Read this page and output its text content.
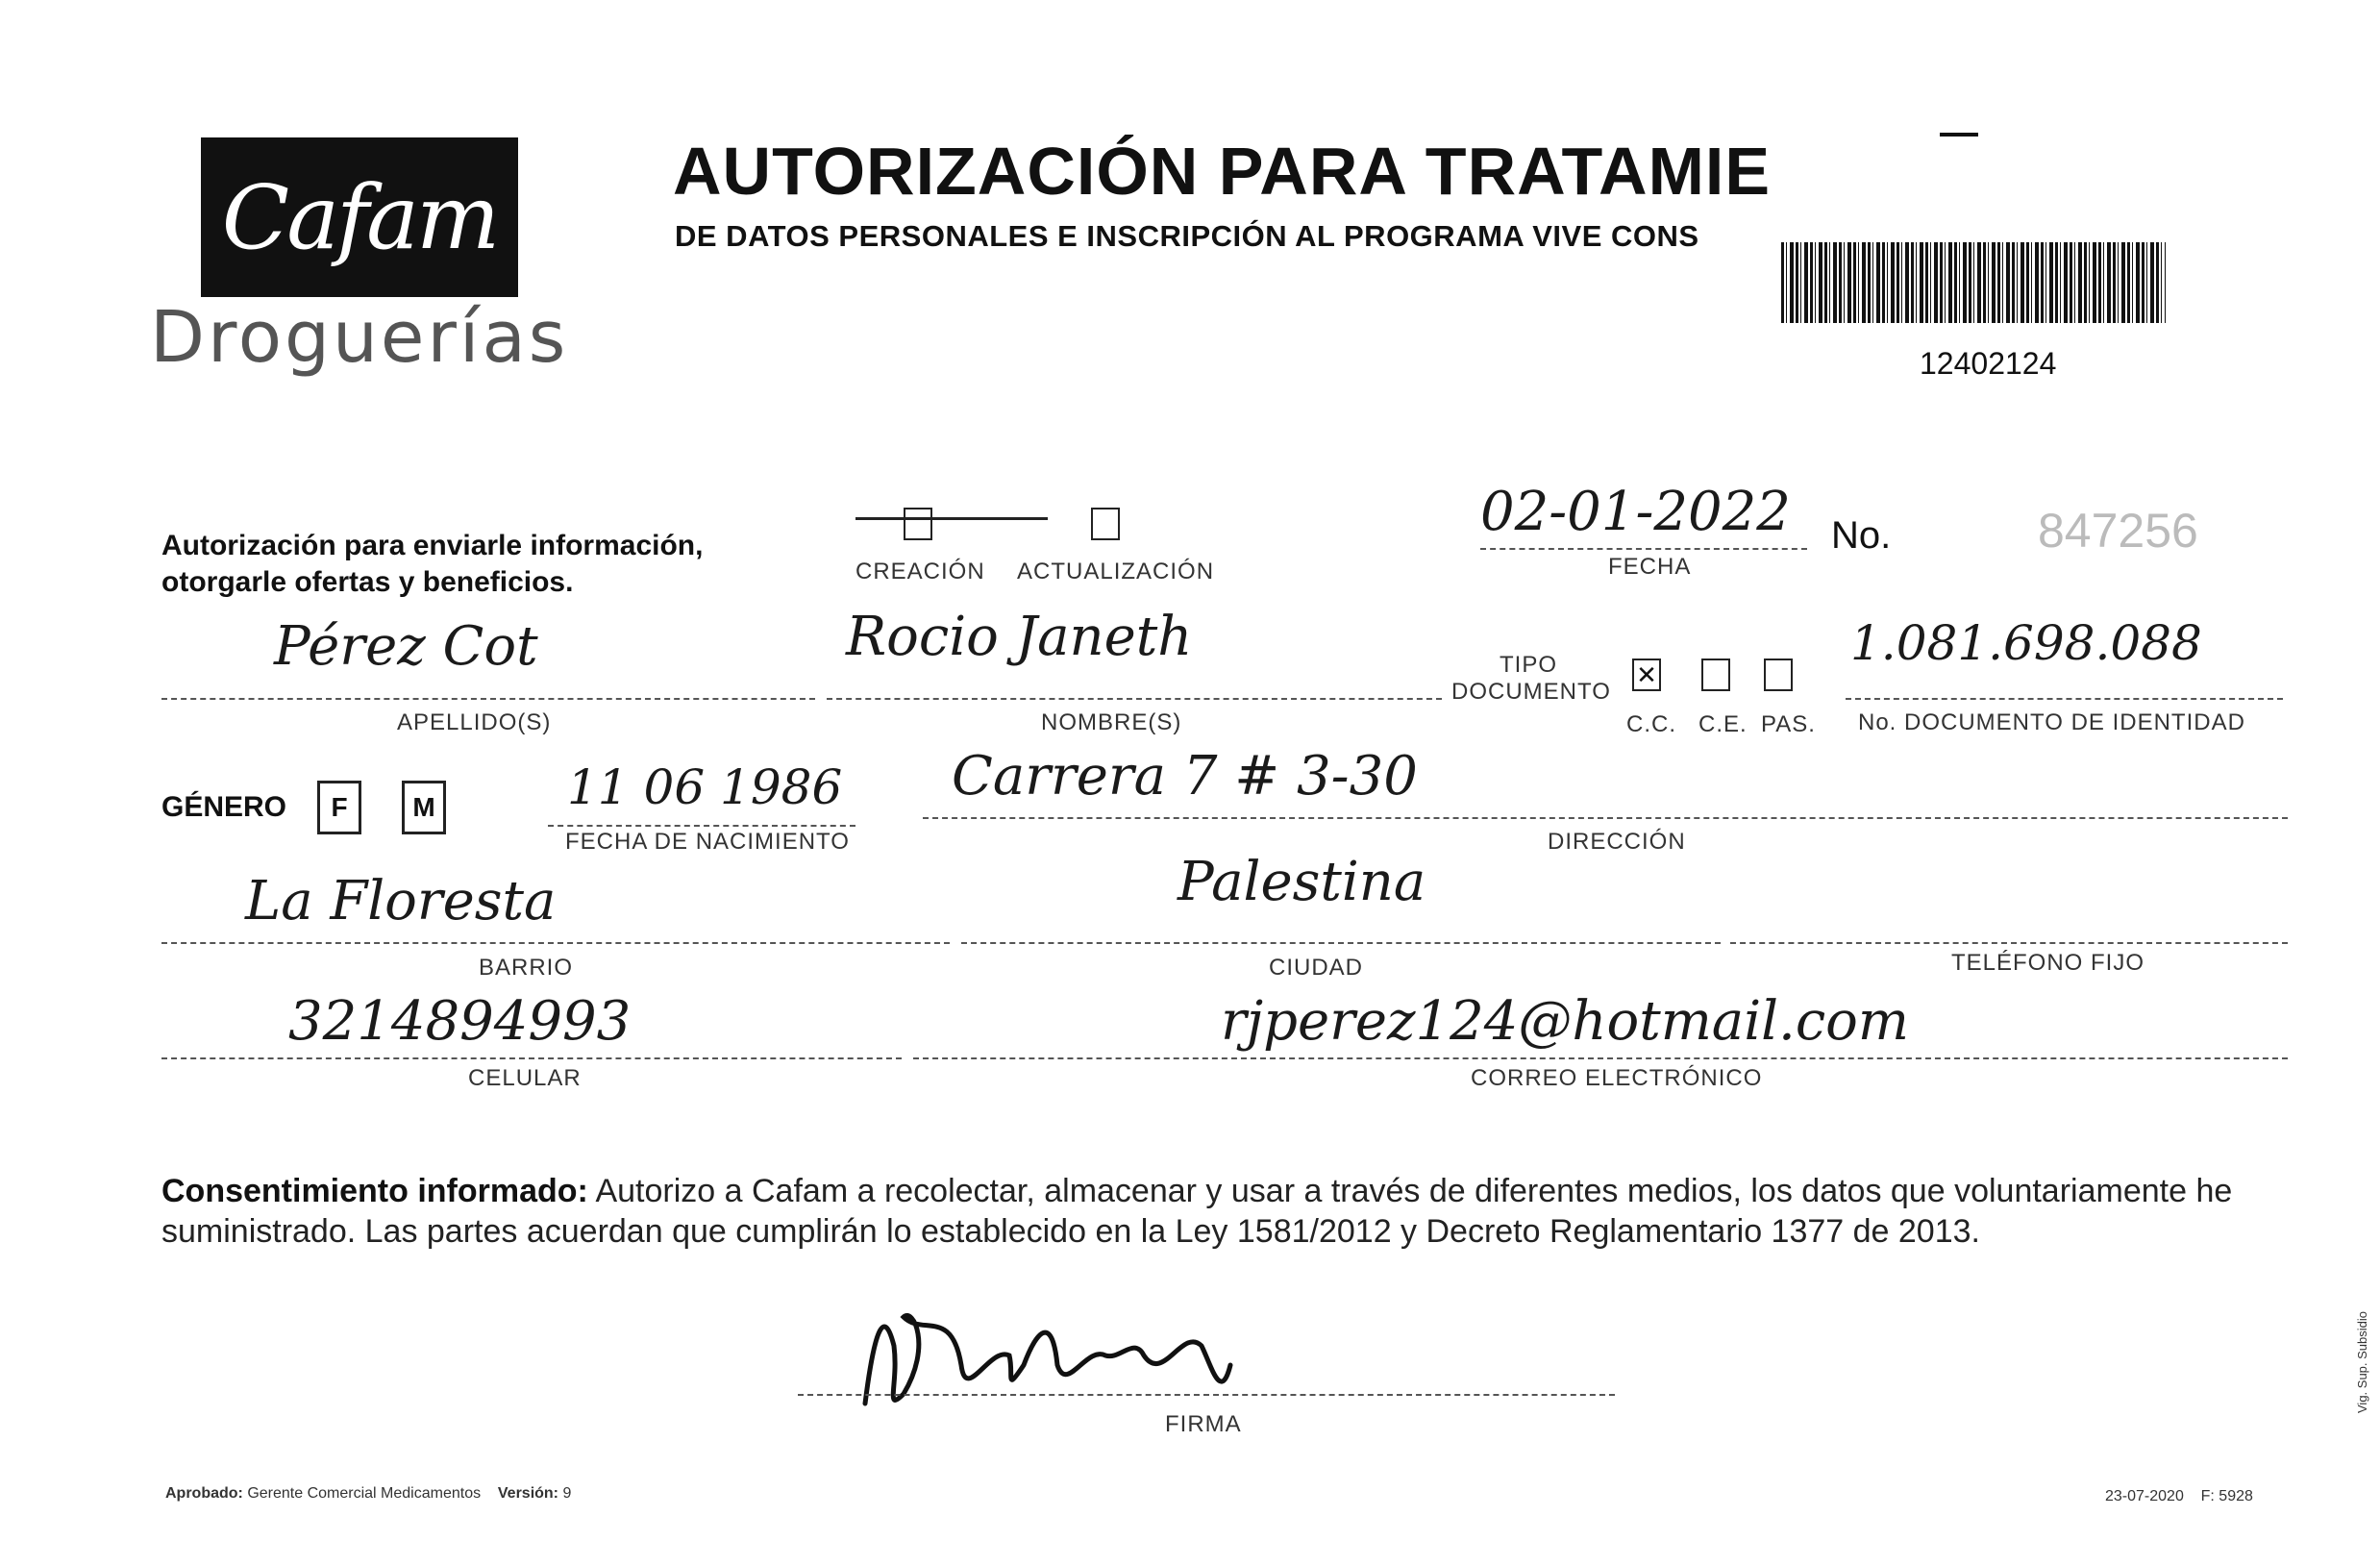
Cafam
Droguerías
AUTORIZACIÓN PARA TRATAMIE
DE DATOS PERSONALES E INSCRIPCIÓN AL PROGRAMA VIVE CONS
12402124
Autorización para enviarle información,
otorgarle ofertas y beneficios.	CREACIÓN ACTUALIZACIÓN
02-01-2022
FECHA
No.	847256
Pérez Cot
APELLIDO(S)
Rocio Janeth
NOMBRE(S)
TIPO
DOCUMENTO
✕
C.C. C.E. PAS.
1.081.698.088
No. DOCUMENTO DE IDENTIDAD
GÉNERO	F	M	11 06 1986
FECHA DE NACIMIENTO
Carrera 7 # 3-30
DIRECCIÓN
La Floresta
BARRIO
Palestina
CIUDAD	TELÉFONO FIJO
3214894993
CELULAR
rjperez124@hotmail.com
CORREO ELECTRÓNICO
Consentimiento informado: Autorizo a Cafam a recolectar, almacenar y usar a través de diferentes medios, los datos que voluntariamente he suministrado. Las partes acuerdan que cumplirán lo establecido en la Ley 1581/2012 y Decreto Reglamentario 1377 de 2013.
FIRMA
Aprobado: Gerente Comercial Medicamentos Versión: 9	23-07-2020 F: 5928
Vig. Sup. Subsidio
